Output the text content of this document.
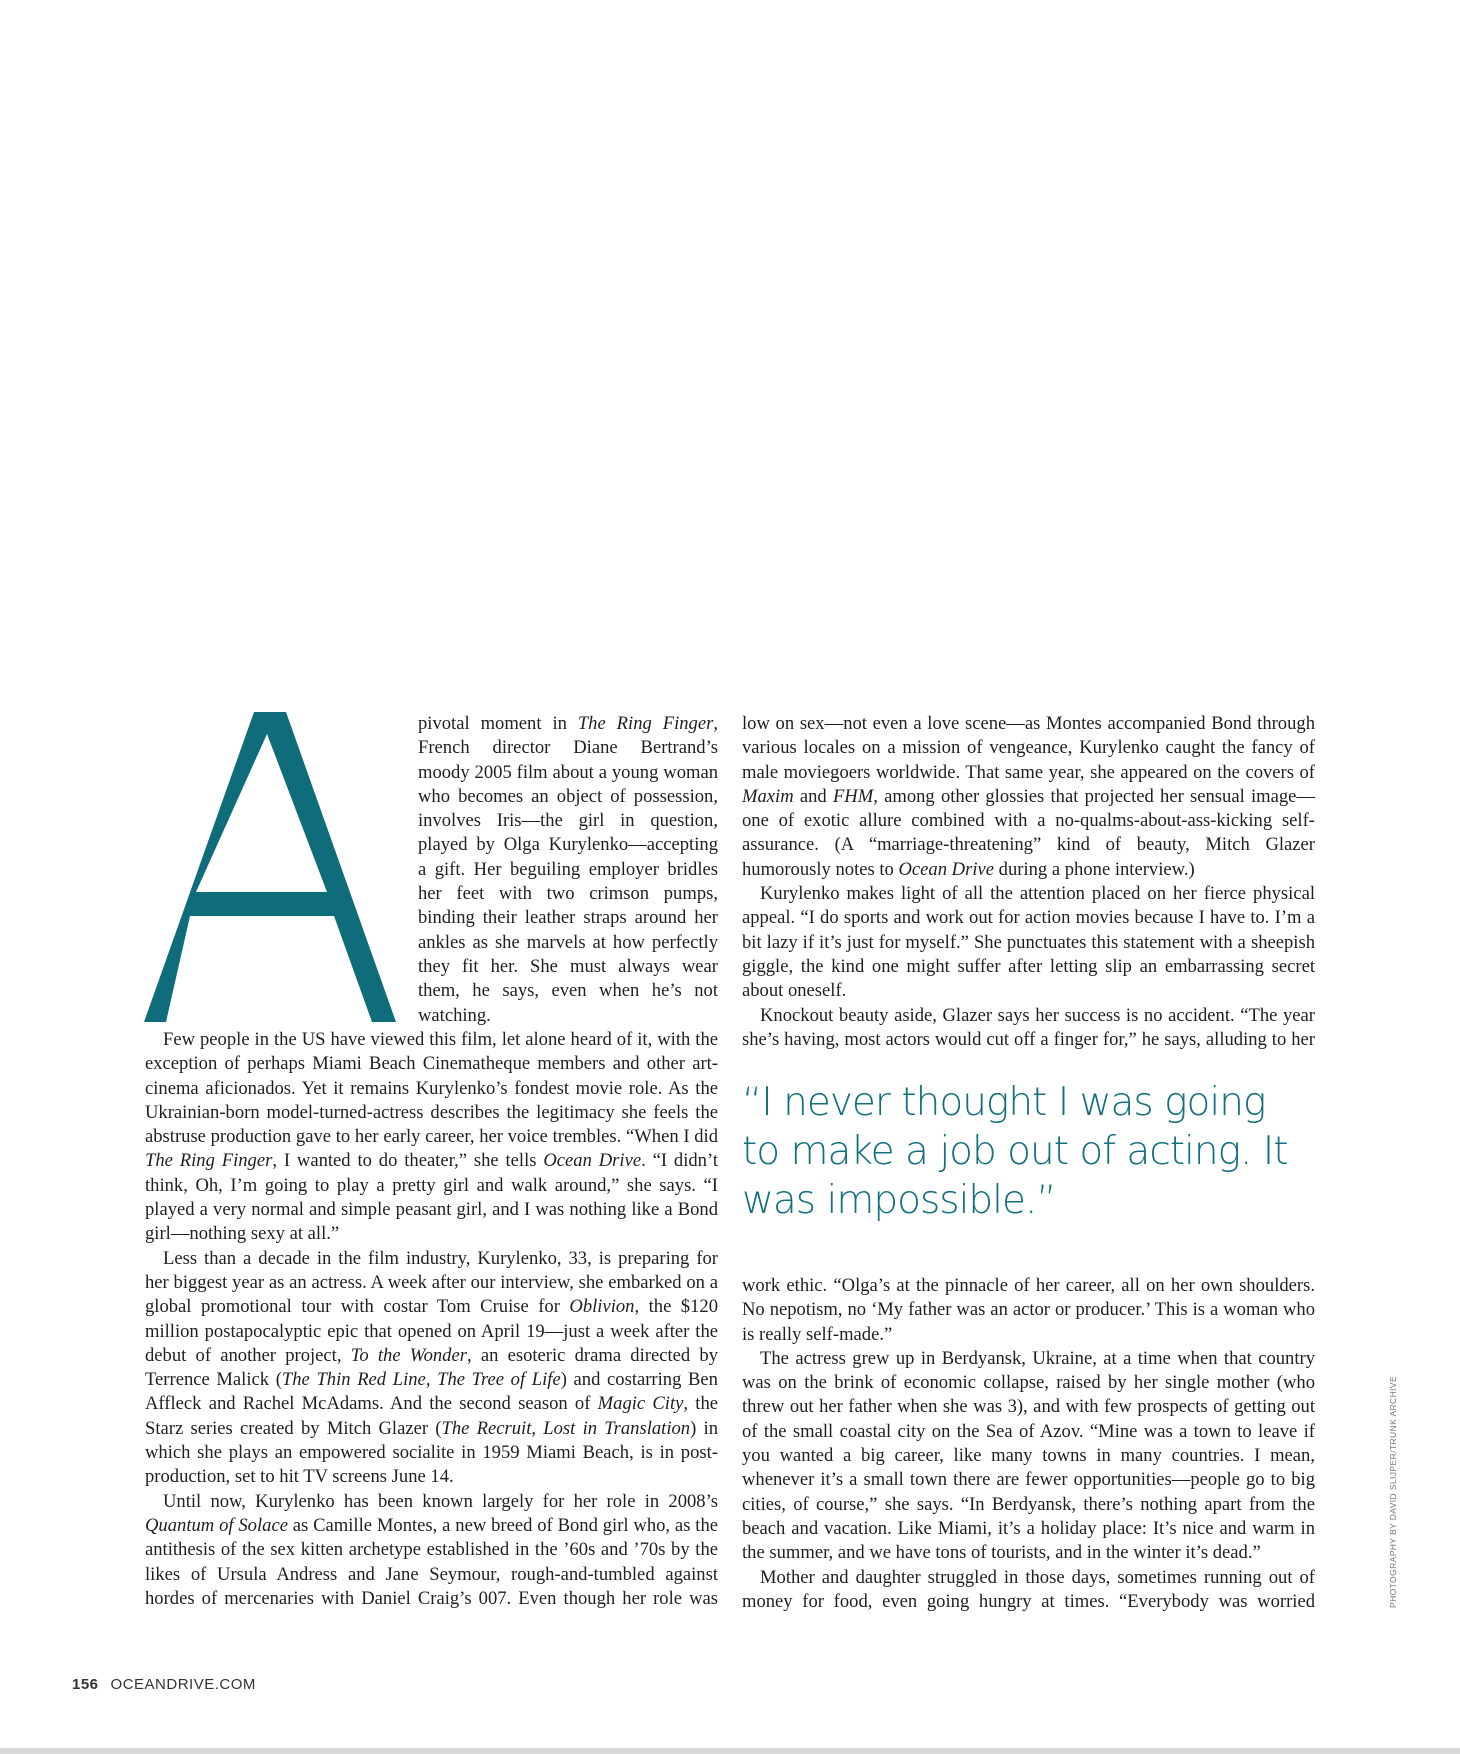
pivotal moment in The Ring Finger, French director Diane Bertrand’s moody 2005 film about a young woman who becomes an object of possession, involves Iris—the girl in question, played by Olga Kurylenko—accepting a gift. Her beguiling employer bridles her feet with two crimson pumps, binding their leather straps around her ankles as she marvels at how perfectly they fit her. She must always wear them, he says, even when he’s not watching.

Few people in the US have viewed this film, let alone heard of it, with the exception of perhaps Miami Beach Cinematheque members and other art-cinema aficionados. Yet it remains Kurylenko’s fondest movie role. As the Ukrainian-born model-turned-actress describes the legitimacy she feels the abstruse production gave to her early career, her voice trembles. “When I did The Ring Finger, I wanted to do theater,” she tells Ocean Drive. “I didn’t think, Oh, I’m going to play a pretty girl and walk around,” she says. “I played a very normal and simple peasant girl, and I was nothing like a Bond girl—nothing sexy at all.”

Less than a decade in the film industry, Kurylenko, 33, is preparing for her biggest year as an actress. A week after our interview, she embarked on a global promotional tour with costar Tom Cruise for Oblivion, the $120 million postapocalyptic epic that opened on April 19—just a week after the debut of another project, To the Wonder, an esoteric drama directed by Terrence Malick (The Thin Red Line, The Tree of Life) and costarring Ben Affleck and Rachel McAdams. And the second season of Magic City, the Starz series created by Mitch Glazer (The Recruit, Lost in Translation) in which she plays an empowered socialite in 1959 Miami Beach, is in post-production, set to hit TV screens June 14.

Until now, Kurylenko has been known largely for her role in 2008’s Quantum of Solace as Camille Montes, a new breed of Bond girl who, as the antithesis of the sex kitten archetype established in the ’60s and ’70s by the likes of Ursula Andress and Jane Seymour, rough-and-tumbled against hordes of mercenaries with Daniel Craig’s 007. Even though her role was

low on sex—not even a love scene—as Montes accompanied Bond through various locales on a mission of vengeance, Kurylenko caught the fancy of male moviegoers worldwide. That same year, she appeared on the covers of Maxim and FHM, among other glossies that projected her sensual image—one of exotic allure combined with a no-qualms-about-ass-kicking self-assurance. (A “marriage-threatening” kind of beauty, Mitch Glazer humorously notes to Ocean Drive during a phone interview.)

Kurylenko makes light of all the attention placed on her fierce physical appeal. “I do sports and work out for action movies because I have to. I’m a bit lazy if it’s just for myself.” She punctuates this statement with a sheepish giggle, the kind one might suffer after letting slip an embarrassing secret about oneself.

Knockout beauty aside, Glazer says her success is no accident. “The year she’s having, most actors would cut off a finger for,” he says, alluding to her

“I never thought I was going to make a job out of acting. It was impossible.”

work ethic. “Olga’s at the pinnacle of her career, all on her own shoulders. No nepotism, no ‘My father was an actor or producer.’ This is a woman who is really self-made.”

The actress grew up in Berdyansk, Ukraine, at a time when that country was on the brink of economic collapse, raised by her single mother (who threw out her father when she was 3), and with few prospects of getting out of the small coastal city on the Sea of Azov. “Mine was a town to leave if you wanted a big career, like many towns in many countries. I mean, whenever it’s a small town there are fewer opportunities—people go to big cities, of course,” she says. “In Berdyansk, there’s nothing apart from the beach and vacation. Like Miami, it’s a holiday place: It’s nice and warm in the summer, and we have tons of tourists, and in the winter it’s dead.”

Mother and daughter struggled in those days, sometimes running out of money for food, even going hungry at times. “Everybody was worried

156 OCEANDRIVE.COM
PHOTOGRAPHY BY DAVID SLIJPER/TRUNK ARCHIVE
